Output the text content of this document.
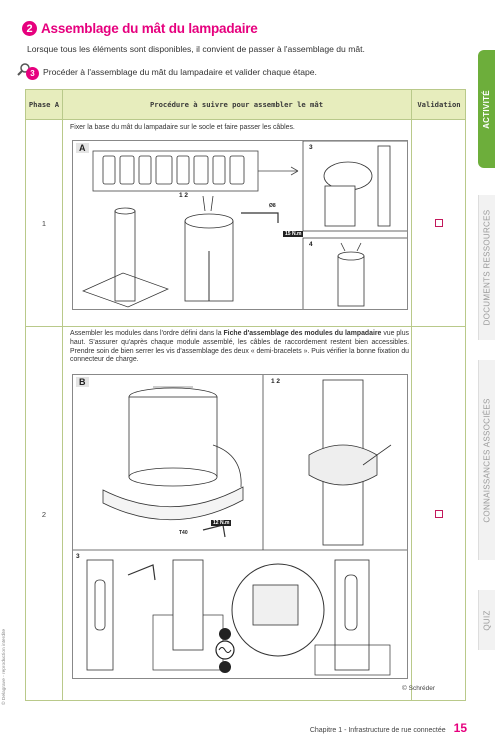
2 Assemblage du mât du lampadaire
Lorsque tous les éléments sont disponibles, il convient de passer à l'assemblage du mât.
3 Procéder à l'assemblage du mât du lampadaire et valider chaque étape.
Phase A	Procédure à suivre pour assembler le mât	Validation
1
Fixer la base du mât du lampadaire sur le socle et faire passer les câbles.
A
1 2
3
4
15 N.m
Ø8
2
Assembler les modules dans l'ordre défini dans la Fiche d'assemblage des modules du lampadaire vue plus haut. S'assurer qu'après chaque module assemblé, les câbles de raccordement restent bien accessibles. Prendre soin de bien serrer les vis d'assemblage des deux « demi-bracelets ». Puis vérifier la bonne fixation du connecteur de charge.
B	1 2
3
12 N.m
T40
© Schréder
Chapitre 1 - Infrastructure de rue connectée 15
© Delagrave - reproduction interdite
ACTIVITÉ
DOCUMENTS RESSOURCES
CONNAISSANCES ASSOCIÉES
QUIZ
